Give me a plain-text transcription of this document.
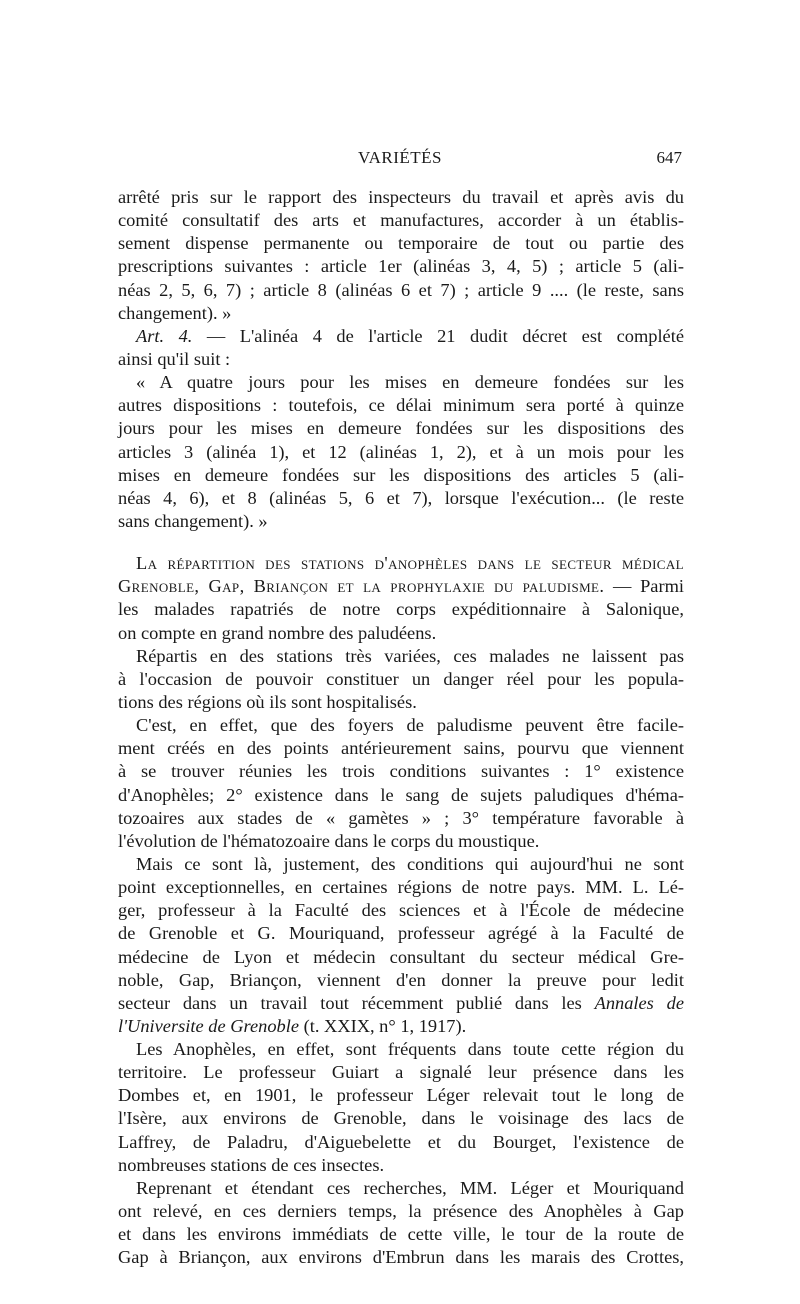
VARIÉTÉS	647
arrêté pris sur le rapport des inspecteurs du travail et après avis du
comité consultatif des arts et manufactures, accorder à un établis-
sement dispense permanente ou temporaire de tout ou partie des
prescriptions suivantes : article 1er (alinéas 3, 4, 5) ; article 5 (ali-
néas 2, 5, 6, 7) ; article 8 (alinéas 6 et 7) ; article 9 .... (le reste, sans
changement). »
Art. 4. — L'alinéa 4 de l'article 21 dudit décret est complété
ainsi qu'il suit :
« A quatre jours pour les mises en demeure fondées sur les
autres dispositions : toutefois, ce délai minimum sera porté à quinze
jours pour les mises en demeure fondées sur les dispositions des
articles 3 (alinéa 1), et 12 (alinéas 1, 2), et à un mois pour les
mises en demeure fondées sur les dispositions des articles 5 (ali-
néas 4, 6), et 8 (alinéas 5, 6 et 7), lorsque l'exécution... (le reste
sans changement). »
La répartition des stations d'anophèles dans le secteur médical
Grenoble, Gap, Briançon et la prophylaxie du paludisme. — Parmi
les malades rapatriés de notre corps expéditionnaire à Salonique,
on compte en grand nombre des paludéens.
Répartis en des stations très variées, ces malades ne laissent pas
à l'occasion de pouvoir constituer un danger réel pour les popula-
tions des régions où ils sont hospitalisés.
C'est, en effet, que des foyers de paludisme peuvent être facile-
ment créés en des points antérieurement sains, pourvu que viennent
à se trouver réunies les trois conditions suivantes : 1° existence
d'Anophèles; 2° existence dans le sang de sujets paludiques d'héma-
tozoaires aux stades de « gamètes » ; 3° température favorable à
l'évolution de l'hématozoaire dans le corps du moustique.
Mais ce sont là, justement, des conditions qui aujourd'hui ne sont
point exceptionnelles, en certaines régions de notre pays. MM. L. Lé-
ger, professeur à la Faculté des sciences et à l'École de médecine
de Grenoble et G. Mouriquand, professeur agrégé à la Faculté de
médecine de Lyon et médecin consultant du secteur médical Gre-
noble, Gap, Briançon, viennent d'en donner la preuve pour ledit
secteur dans un travail tout récemment publié dans les Annales de
l'Universite de Grenoble (t. XXIX, n° 1, 1917).
Les Anophèles, en effet, sont fréquents dans toute cette région du
territoire. Le professeur Guiart a signalé leur présence dans les
Dombes et, en 1901, le professeur Léger relevait tout le long de
l'Isère, aux environs de Grenoble, dans le voisinage des lacs de
Laffrey, de Paladru, d'Aiguebelette et du Bourget, l'existence de
nombreuses stations de ces insectes.
Reprenant et étendant ces recherches, MM. Léger et Mouriquand
ont relevé, en ces derniers temps, la présence des Anophèles à Gap
et dans les environs immédiats de cette ville, le tour de la route de
Gap à Briançon, aux environs d'Embrun dans les marais des Crottes,
